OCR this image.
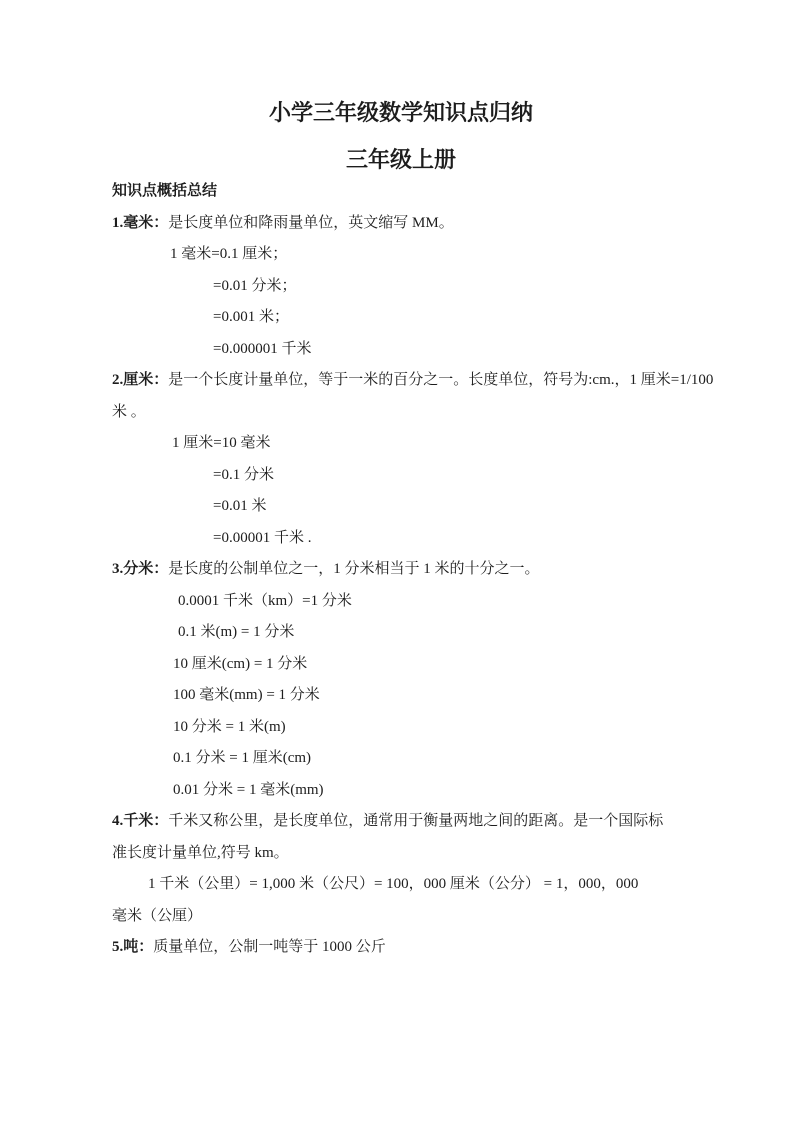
小学三年级数学知识点归纳
三年级上册
知识点概括总结
1.毫米：是长度单位和降雨量单位，英文缩写 MM。
1 毫米=0.1 厘米；
=0.01 分米；
=0.001 米；
=0.000001 千米
2.厘米：是一个长度计量单位，等于一米的百分之一。长度单位，符号为:cm.，1 厘米=1/100
米 。
1 厘米=10 毫米
=0.1 分米
=0.01 米
=0.00001 千米 .
3.分米：是长度的公制单位之一，1 分米相当于 1 米的十分之一。
0.0001 千米（km）=1 分米
0.1 米(m) = 1 分米
10 厘米(cm) = 1 分米
100 毫米(mm) = 1 分米
10 分米 = 1 米(m)
0.1 分米 = 1 厘米(cm)
0.01 分米 = 1 毫米(mm)
4.千米：千米又称公里，是长度单位，通常用于衡量两地之间的距离。是一个国际标
准长度计量单位,符号 km。
1 千米（公里）= 1,000 米（公尺）= 100，000 厘米（公分） = 1，000，000
毫米（公厘）
5.吨：质量单位，公制一吨等于 1000 公斤
